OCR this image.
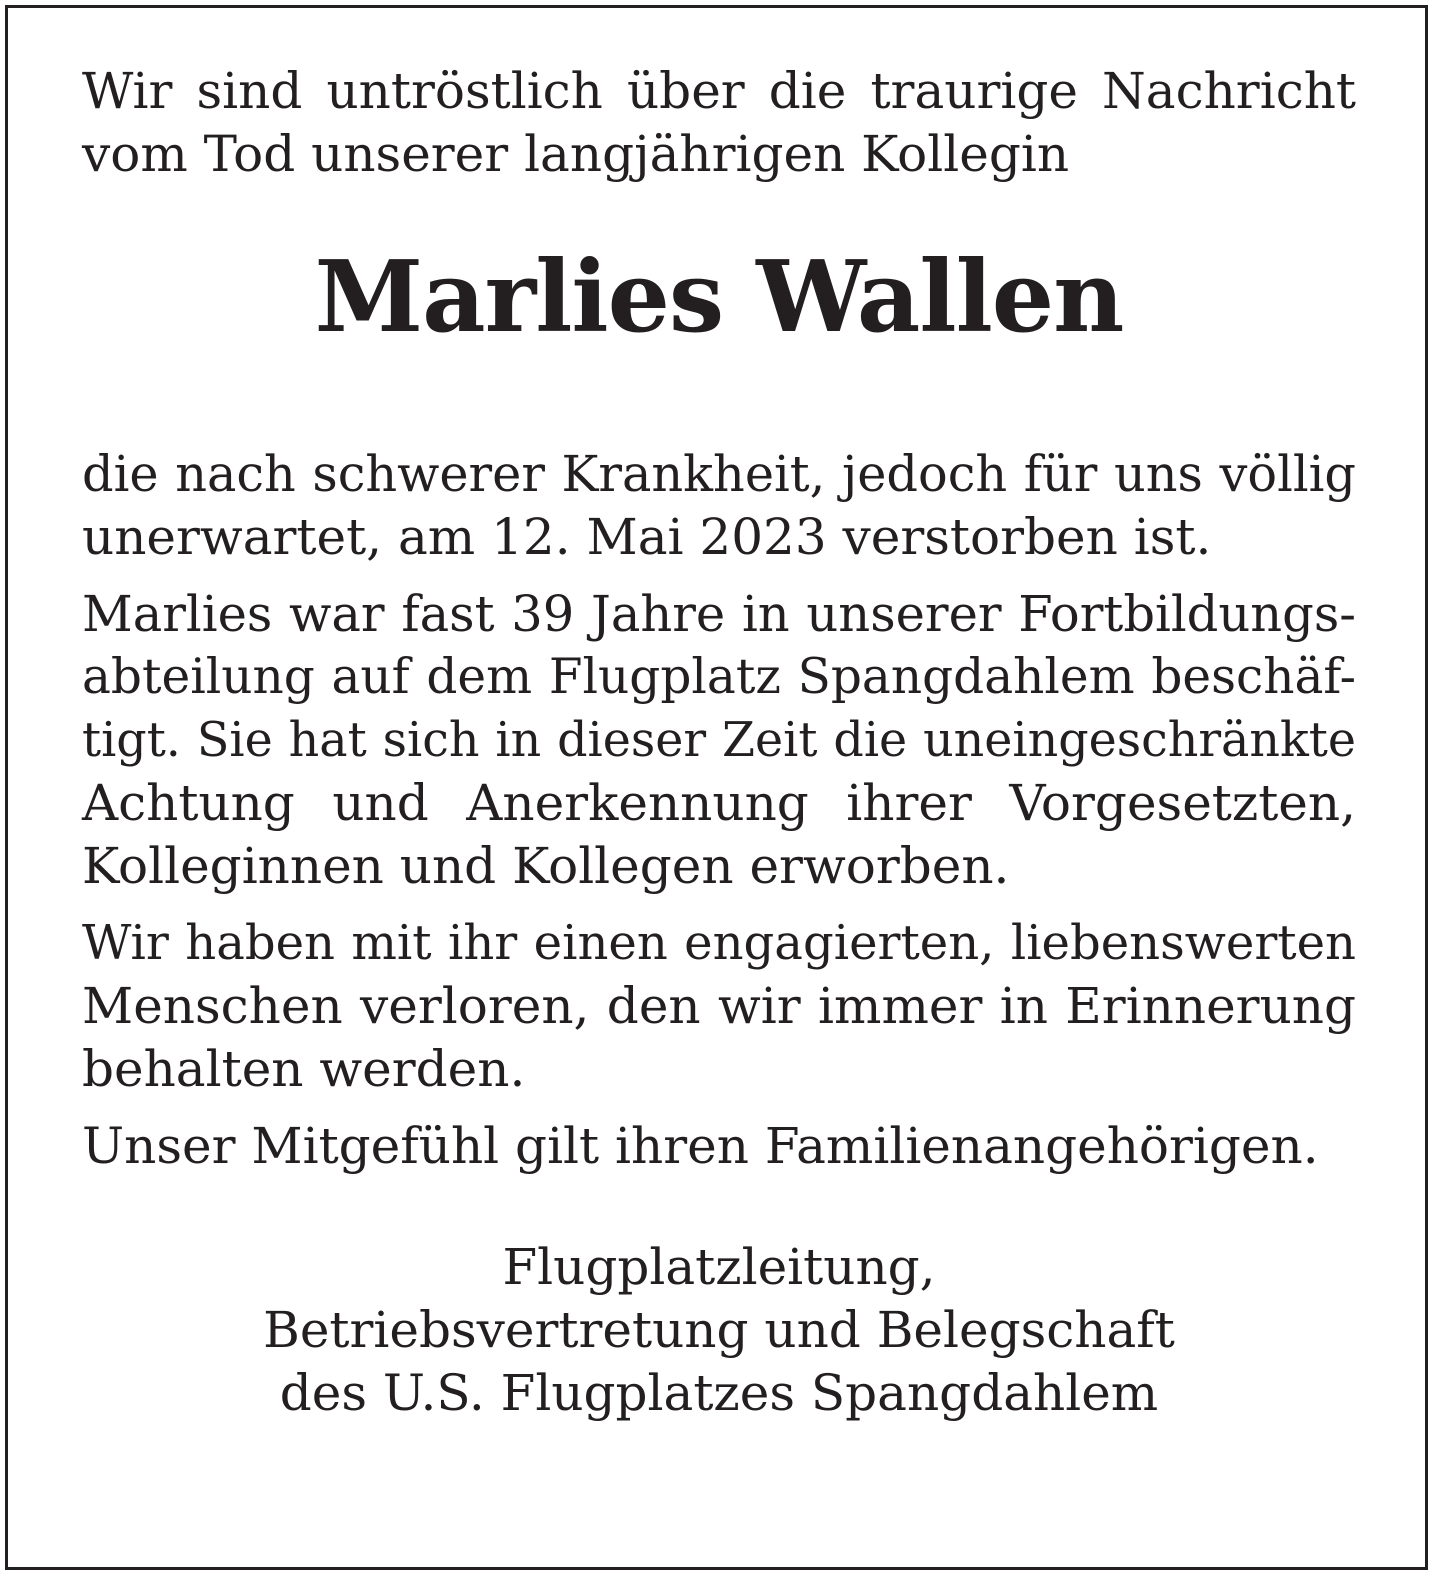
Wir sind untröstlich über die traurige Nachricht
vom Tod unserer langjährigen Kollegin

Marlies Wallen

die nach schwerer Krankheit, jedoch für uns völlig
unerwartet, am 12. Mai 2023 verstorben ist.

Marlies war fast 39 Jahre in unserer Fortbildungs-
abteilung auf dem Flugplatz Spangdahlem beschäf-
tigt. Sie hat sich in dieser Zeit die uneingeschränkte
Achtung und Anerkennung ihrer Vorgesetzten,
Kolleginnen und Kollegen erworben.

Wir haben mit ihr einen engagierten, liebenswerten
Menschen verloren, den wir immer in Erinnerung
behalten werden.

Unser Mitgefühl gilt ihren Familienangehörigen.

Flugplatzleitung,
Betriebsvertretung und Belegschaft
des U.S. Flugplatzes Spangdahlem
